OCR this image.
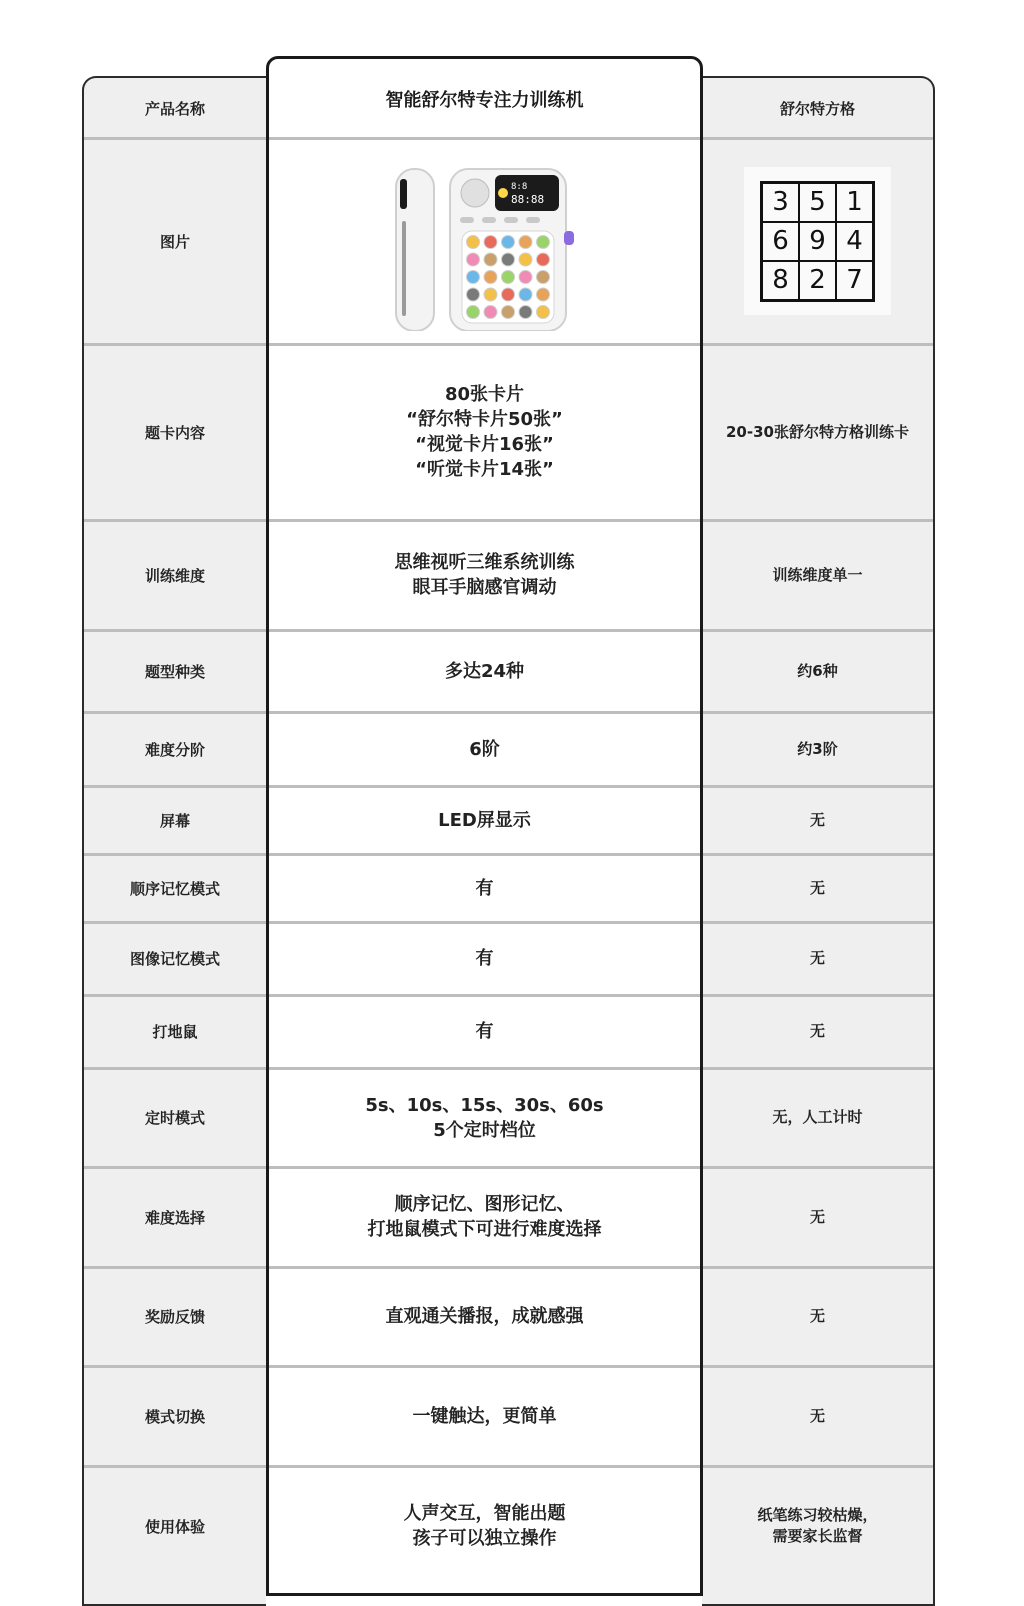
产品名称
图片
题卡内容
训练维度
题型种类
难度分阶
屏幕
顺序记忆模式
图像记忆模式
打地鼠
定时模式
难度选择
奖励反馈
模式切换
使用体验
智能舒尔特专注力训练机
8:8
88:88
80张卡片
“舒尔特卡片50张”
“视觉卡片16张”
“听觉卡片14张”
思维视听三维系统训练
眼耳手脑感官调动
多达24种
6阶
LED屏显示
有
有
有
5s、10s、15s、30s、60s
5个定时档位
顺序记忆、图形记忆、
打地鼠模式下可进行难度选择
直观通关播报，成就感强
一键触达，更简单
人声交互，智能出题
孩子可以独立操作
舒尔特方格
3 5 1
6 9 4
8 2 7
20-30张舒尔特方格训练卡
训练维度单一
约6种
约3阶
无
无
无
无
无，人工计时
无
无
无
纸笔练习较枯燥，
需要家长监督
